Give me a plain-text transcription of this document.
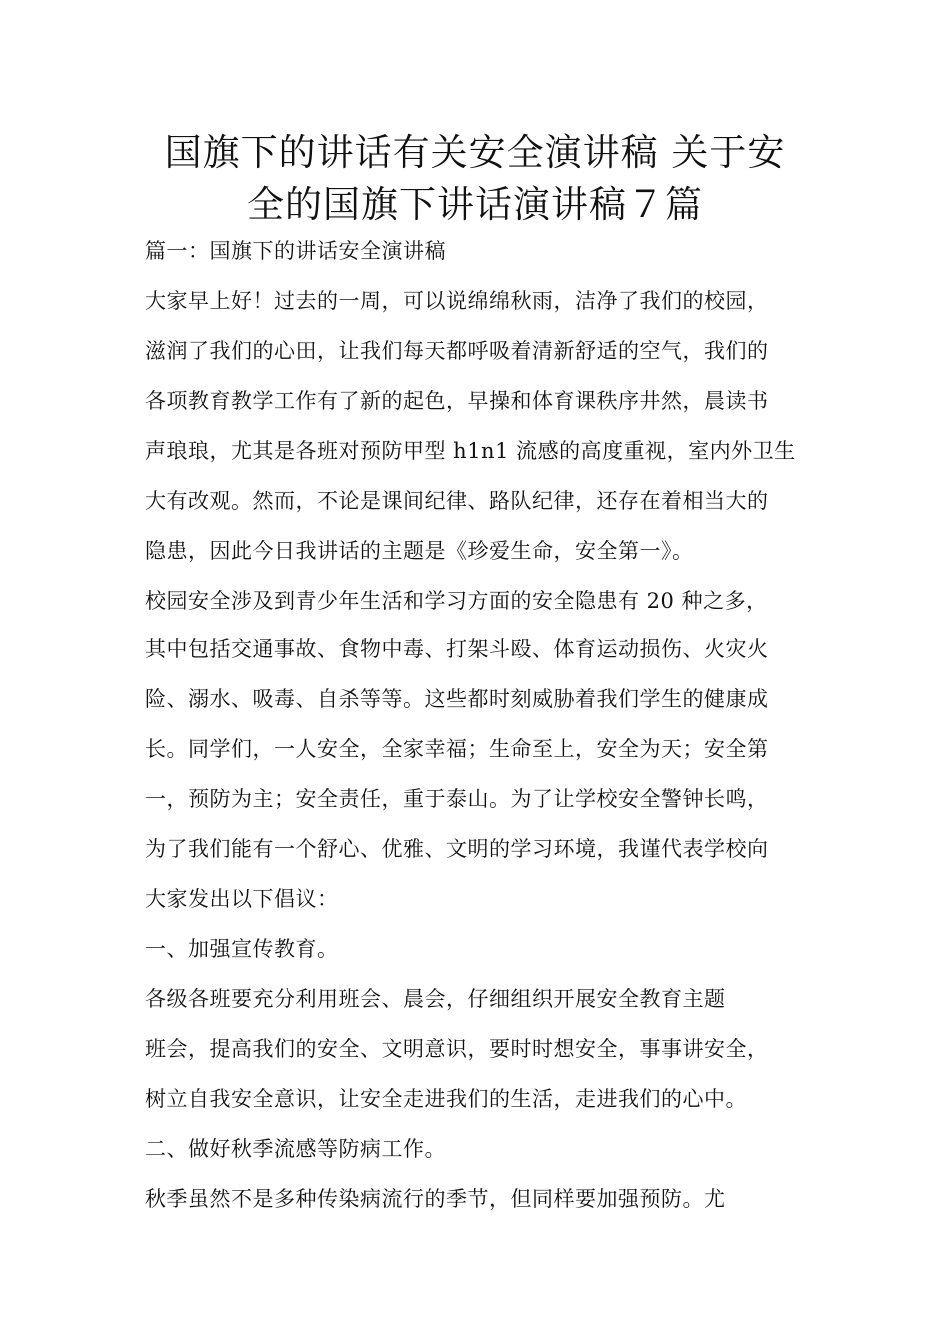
国旗下的讲话有关安全演讲稿 关于安
全的国旗下讲话演讲稿７篇
篇一：国旗下的讲话安全演讲稿
大家早上好！过去的一周，可以说绵绵秋雨，洁净了我们的校园，
滋润了我们的心田，让我们每天都呼吸着清新舒适的空气，我们的
各项教育教学工作有了新的起色，早操和体育课秩序井然，晨读书
声琅琅，尤其是各班对预防甲型 h1n1 流感的高度重视，室内外卫生
大有改观。然而，不论是课间纪律、路队纪律，还存在着相当大的
隐患，因此今日我讲话的主题是《珍爱生命，安全第一》。
校园安全涉及到青少年生活和学习方面的安全隐患有 20 种之多，
其中包括交通事故、食物中毒、打架斗殴、体育运动损伤、火灾火
险、溺水、吸毒、自杀等等。这些都时刻威胁着我们学生的健康成
长。同学们，一人安全，全家幸福；生命至上，安全为天；安全第
一，预防为主；安全责任，重于泰山。为了让学校安全警钟长鸣，
为了我们能有一个舒心、优雅、文明的学习环境，我谨代表学校向
大家发出以下倡议：
一、加强宣传教育。
各级各班要充分利用班会、晨会，仔细组织开展安全教育主题
班会，提高我们的安全、文明意识，要时时想安全，事事讲安全，
树立自我安全意识，让安全走进我们的生活，走进我们的心中。
二、做好秋季流感等防病工作。
秋季虽然不是多种传染病流行的季节，但同样要加强预防。尤
